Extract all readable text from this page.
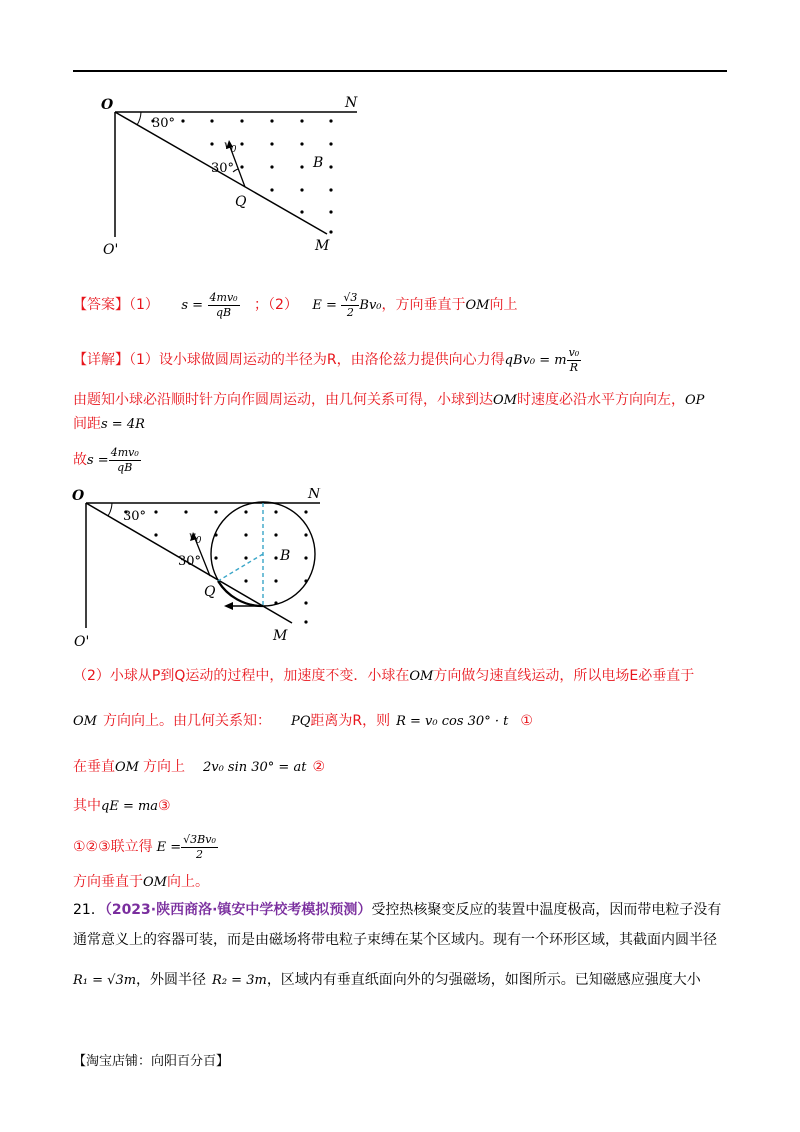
O	N
O'	M
Q
B
30°
30°
$v_0$
【答案】（1） $s = \frac{\text{4mv₀}}{qB}$ ；（2） $E = \frac{√3}{2} Bv_0$，方向垂直于OM向上
【详解】（1）设小球做圆周运动的半径为R，由洛伦兹力提供向心力得qBv₀ = m $\frac{\text{v₀}}{R}$
由题知小球必沿顺时针方向作圆周运动，由几何关系可得，小球到达OM时速度必沿水平方向向左，OP
间距s = 4R
故$s = \frac{\text{4mv₀}}{qB}$
O	N
O'	M
Q
B
30°
30°
$v_0$
（2）小球从P到Q运动的过程中，加速度不变．小球在OM方向做匀速直线运动，所以电场E必垂直于
OM 方向向上。由几何关系知： PQ距离为R，则 R = v₀ cos 30° · t ①
在垂直OM 方向上 2v₀ sin 30° = at ②
其中qE = ma③
①②③联立得 $E = \frac{\text{√3Bv₀}}{2}$
方向垂直于OM向上。
21．（2023·陕西商洛·镇安中学校考模拟预测）受控热核聚变反应的装置中温度极高，因而带电粒子没有
通常意义上的容器可装，而是由磁场将带电粒子束缚在某个区域内。现有一个环形区域，其截面内圆半径
R₁ = √3m，外圆半径 R₂ = 3m，区域内有垂直纸面向外的匀强磁场，如图所示。已知磁感应强度大小
【淘宝店铺：向阳百分百】
